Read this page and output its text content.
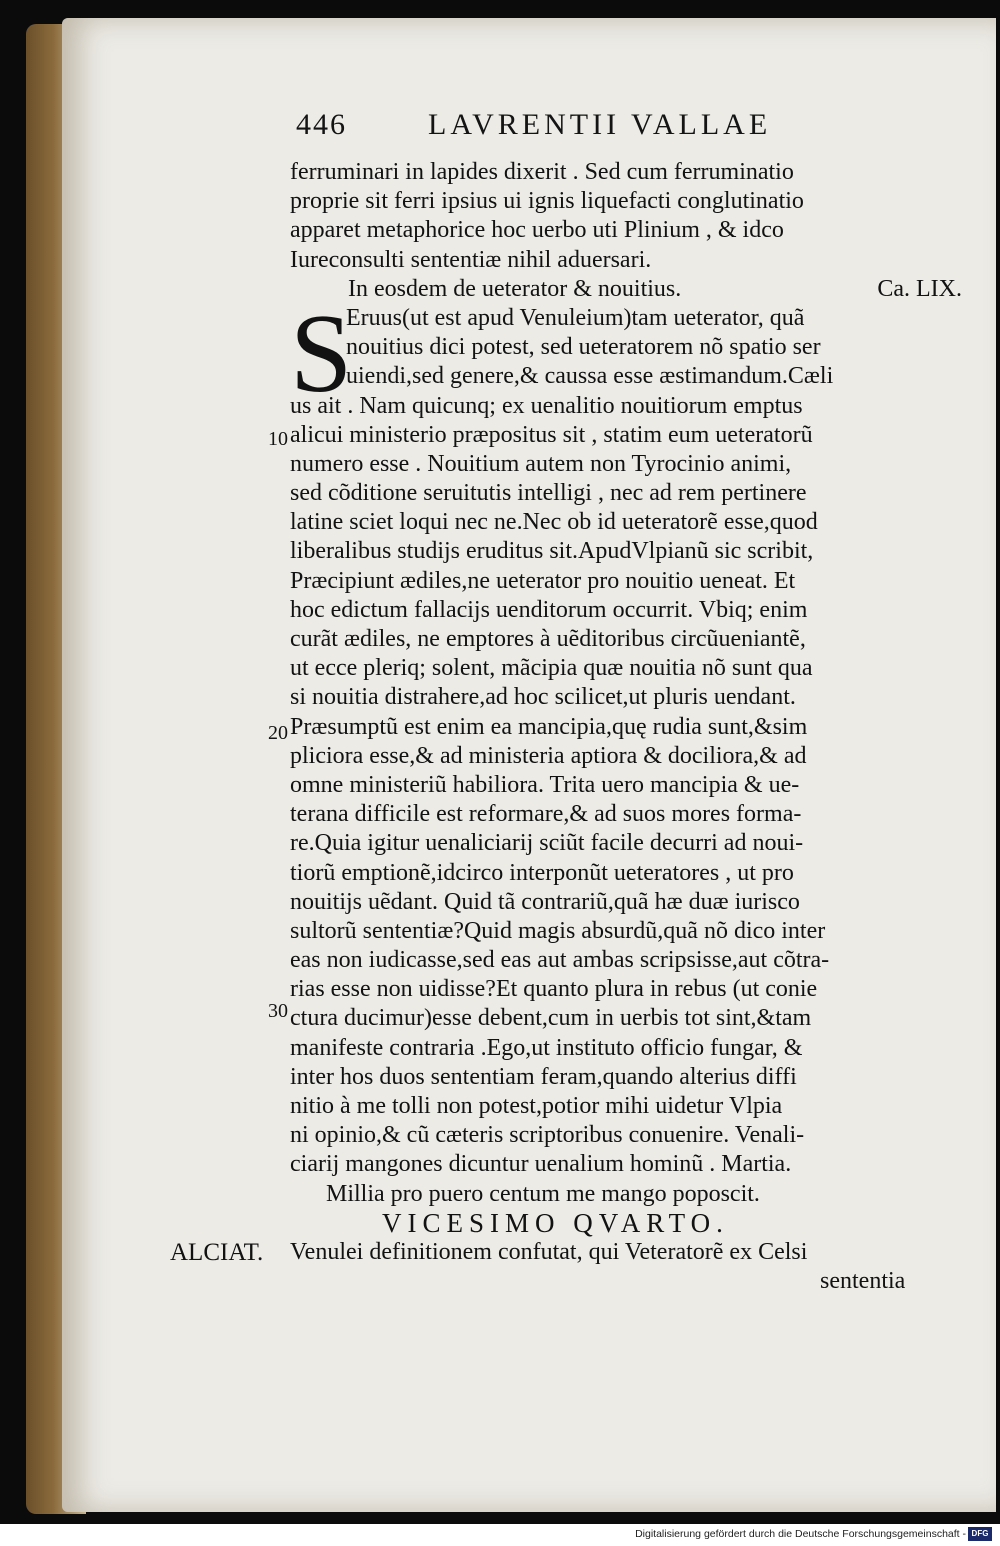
446	LAVRENTII VALLAE
ferruminari in lapides dixerit . Sed cum ferruminatio
proprie sit ferri ipsius ui ignis liquefacti conglutinatio
apparet metaphorice hoc uerbo uti Plinium , & idco
Iureconsulti sententiæ nihil aduersari.
In eosdem de ueterator & nouitius.	Ca. LIX.
S
Eruus(ut est apud Venuleium)tam ueterator, quã
nouitius dici potest, sed ueteratorem nõ spatio ser
uiendi,sed genere,& caussa esse æstimandum.Cæli
us ait . Nam quicunq; ex uenalitio nouitiorum emptus
alicui ministerio præpositus sit , statim eum ueteratorũ
numero esse . Nouitium autem non Tyrocinio animi,
sed cõditione seruitutis intelligi , nec ad rem pertinere
latine sciet loqui nec ne.Nec ob id ueteratorẽ esse,quod
liberalibus studijs eruditus sit.ApudVlpianũ sic scribit,
Præcipiunt ædiles,ne ueterator pro nouitio ueneat. Et
hoc edictum fallacijs uenditorum occurrit. Vbiq; enim
curãt ædiles, ne emptores à uẽditoribus circũueniantẽ,
ut ecce pleriq; solent, mãcipia quæ nouitia nõ sunt qua
si nouitia distrahere,ad hoc scilicet,ut pluris uendant.
Præsumptũ est enim ea mancipia,quę rudia sunt,&sim
pliciora esse,& ad ministeria aptiora & dociliora,& ad
omne ministeriũ habiliora. Trita uero mancipia & ue-
terana difficile est reformare,& ad suos mores forma-
re.Quia igitur uenaliciarij sciũt facile decurri ad noui-
tiorũ emptionẽ,idcirco interponũt ueteratores , ut pro
nouitijs uẽdant. Quid tã contrariũ,quã hæ duæ iurisco
sultorũ sententiæ?Quid magis absurdũ,quã nõ dico inter
eas non iudicasse,sed eas aut ambas scripsisse,aut cõtra-
rias esse non uidisse?Et quanto plura in rebus (ut conie
ctura ducimur)esse debent,cum in uerbis tot sint,&tam
manifeste contraria .Ego,ut instituto officio fungar, &
inter hos duos sententiam feram,quando alterius diffi
nitio à me tolli non potest,potior mihi uidetur Vlpia
ni opinio,& cũ cæteris scriptoribus conuenire. Venali-
ciarij mangones dicuntur uenalium hominũ . Martia.
Millia pro puero centum me mango poposcit.
VICESIMO QVARTO.
ALCIAT. Venulei definitionem confutat, qui Veteratorẽ ex Celsi
sententia
10
20
30
Digitalisierung gefördert durch die Deutsche Forschungsgemeinschaft - DFG
